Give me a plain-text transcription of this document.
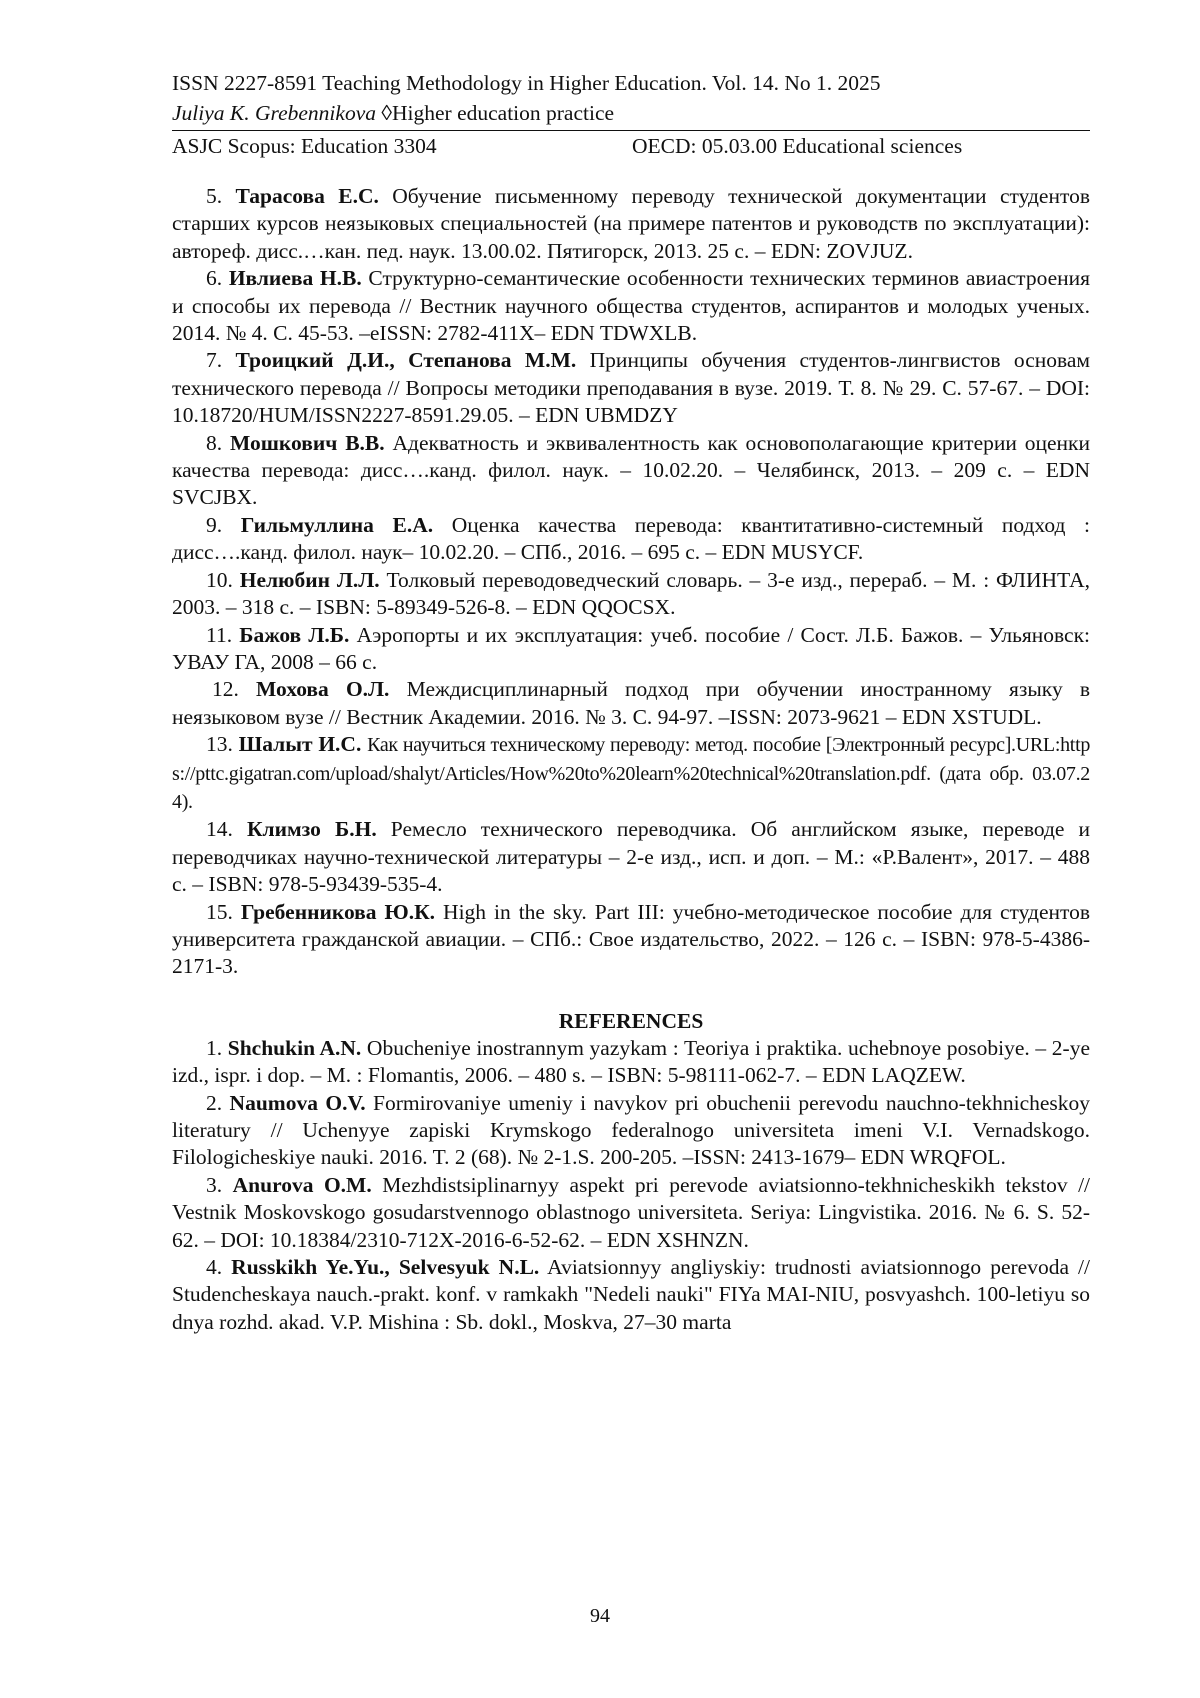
ISSN 2227-8591 Teaching Methodology in Higher Education. Vol. 14. No 1. 2025
Juliya K. Grebennikova ◊Higher education practice
ASJC Scopus: Education 3304	OECD: 05.03.00 Educational sciences

5. Тарасова Е.С. Обучение письменному переводу технической документации студентов старших курсов неязыковых специальностей (на примере патентов и руководств по эксплуатации): автореф. дисс.…кан. пед. наук. 13.00.02. Пятигорск, 2013. 25 с. – EDN: ZOVJUZ.

6. Ивлиева Н.В. Структурно-семантические особенности технических терминов авиастроения и способы их перевода // Вестник научного общества студентов, аспирантов и молодых ученых. 2014. № 4. С. 45-53. –eISSN: 2782-411X– EDN TDWXLB.

7. Троицкий Д.И., Степанова М.М. Принципы обучения студентов-лингвистов основам технического перевода // Вопросы методики преподавания в вузе. 2019. Т. 8. № 29. С. 57-67. – DOI: 10.18720/HUM/ISSN2227-8591.29.05. – EDN UBMDZY

8. Мошкович В.В. Адекватность и эквивалентность как основополагающие критерии оценки качества перевода: дисс….канд. филол. наук. – 10.02.20. – Челябинск, 2013. – 209 с. – EDN SVCJBX.

9. Гильмуллина Е.А. Оценка качества перевода: квантитативно-системный подход : дисс….канд. филол. наук– 10.02.20. – СПб., 2016. – 695 с. – EDN MUSYCF.

10. Нелюбин Л.Л. Толковый переводоведческий словарь. – 3-е изд., перераб. – М. : ФЛИНТА, 2003. – 318 с. – ISBN: 5-89349-526-8. – EDN QQOCSX.

11. Бажов Л.Б. Аэропорты и их эксплуатация: учеб. пособие / Сост. Л.Б. Бажов. – Ульяновск: УВАУ ГА, 2008 – 66 с.

12. Мохова О.Л. Междисциплинарный подход при обучении иностранному языку в неязыковом вузе // Вестник Академии. 2016. № 3. С. 94-97. –ISSN: 2073-9621 – EDN XSTUDL.

13. Шалыт И.С. Как научиться техническому переводу: метод. пособие [Электронный ресурс].URL:https://pttc.gigatran.com/upload/shalyt/Articles/How%20to%20learn%20technical%20translation.pdf. (дата обр. 03.07.24).

14. Климзо Б.Н. Ремесло технического переводчика. Об английском языке, переводе и переводчиках научно-технической литературы – 2-е изд., исп. и доп. – М.: «Р.Валент», 2017. – 488 с. – ISBN: 978-5-93439-535-4.

15. Гребенникова Ю.К. High in the sky. Part III: учебно-методическое пособие для студентов университета гражданской авиации. – СПб.: Свое издательство, 2022. – 126 с. – ISBN: 978-5-4386-2171-3.

REFERENCES

1. Shchukin A.N. Obucheniye inostrannym yazykam : Teoriya i praktika. uchebnoye posobiye. – 2-ye izd., ispr. i dop. – M. : Flomantis, 2006. – 480 s. – ISBN: 5-98111-062-7. – EDN LAQZEW.

2. Naumova O.V. Formirovaniye umeniy i navykov pri obuchenii perevodu nauchno-tekhnicheskoy literatury // Uchenyye zapiski Krymskogo federalnogo universiteta imeni V.I. Vernadskogo. Filologicheskiye nauki. 2016. T. 2 (68). № 2-1.S. 200-205. –ISSN: 2413-1679– EDN WRQFOL.

3. Anurova O.M. Mezhdistsiplinarnyy aspekt pri perevode aviatsionno-tekhnicheskikh tekstov // Vestnik Moskovskogo gosudarstvennogo oblastnogo universiteta. Seriya: Lingvistika. 2016. № 6. S. 52-62. – DOI: 10.18384/2310-712X-2016-6-52-62. – EDN XSHNZN.

4. Russkikh Ye.Yu., Selvesyuk N.L. Aviatsionnyy angliyskiy: trudnosti aviatsionnogo perevoda // Studencheskaya nauch.-prakt. konf. v ramkakh "Nedeli nauki" FIYa MAI-NIU, posvyashch. 100-letiyu so dnya rozhd. akad. V.P. Mishina : Sb. dokl., Moskva, 27–30 marta

94
